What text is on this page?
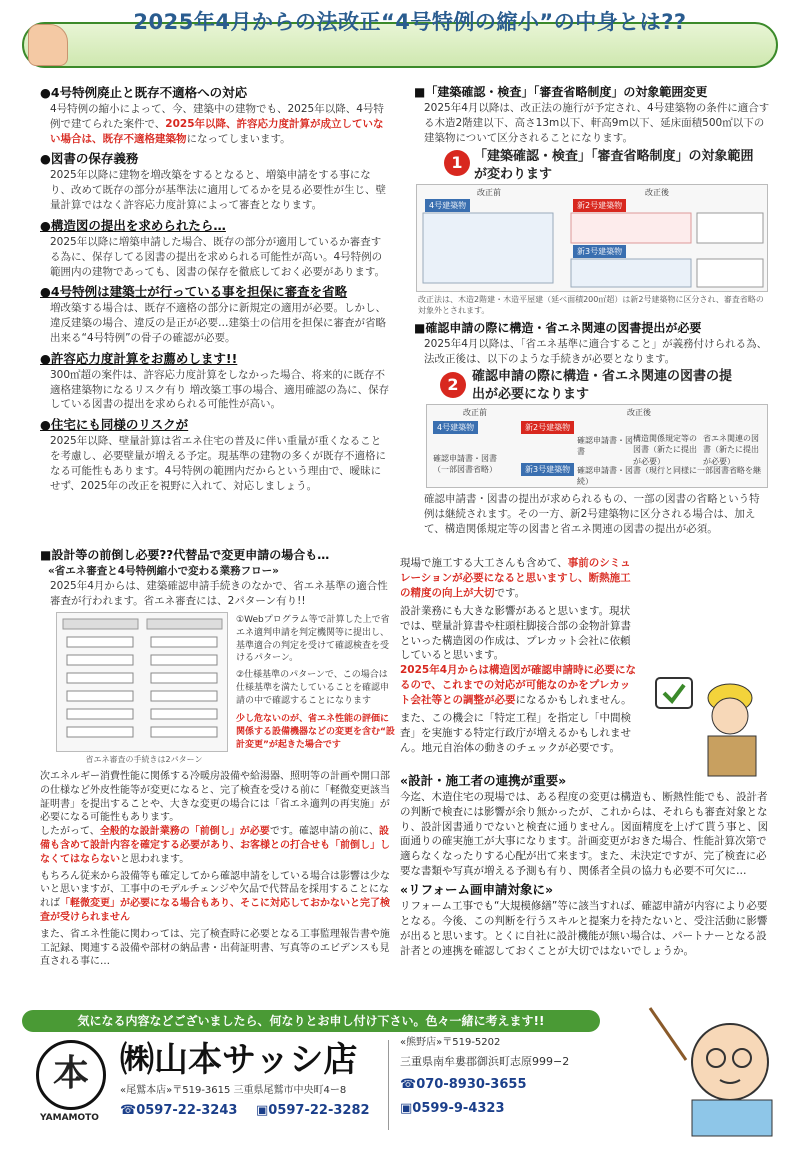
2025年4月からの法改正“4号特例の縮小”の中身とは??
●4号特例廃止と既存不適格への対応
4号特例の縮小によって、今、建築中の建物でも、2025年以降、4号特例で建てられた案件で、2025年以降、許容応力度計算が成立していない場合は、既存不適格建築物になってしまいます。
●図書の保存義務
2025年以降に建物を増改築をするとなると、増築申請をする事になり、改めて既存の部分が基準法に適用してるかを見る必要性が生じ、壁量計算ではなく許容応力度計算によって審査となります。
●構造図の提出を求められたら…
2025年以降に増築申請した場合、既存の部分が適用しているか審査する為に、保存してる図書の提出を求められる可能性が高い。4号特例の範囲内の建物であっても、図書の保存を徹底しておく必要があります。
●4号特例は建築士が行っている事を担保に審査を省略
増改築する場合は、既存不適格の部分に新規定の適用が必要。しかし、違反建築の場合、違反の是正が必要…建築士の信用を担保に審査が省略出来る“4号特例”の骨子の確認が必要。
●許容応力度計算をお薦めします!!
300㎡超の案件は、許容応力度計算をしなかった場合、将来的に既存不適格建築物になるリスク有り 増改築工事の場合、適用確認の為に、保存している図書の提出を求められる可能性が高い。
●住宅にも同様のリスクが
2025年以降、壁量計算は省エネ住宅の普及に伴い重量が重くなることを考慮し、必要壁量が増える予定。現基準の建物の多くが既存不適格になる可能性もあります。4号特例の範囲内だからという理由で、曖昧にせず、2025年の改正を視野に入れて、対応しましょう。
■設計等の前倒し必要??代替品で変更申請の場合も…
«省エネ審査と4号特例縮小で変わる業務フロー»
2025年4月からは、建築確認申請手続きのなかで、省エネ基準の適合性審査が行われます。省エネ審査には、2パターン有り!!
省エネ審査の手続きは2パターン
①Webプログラム等で計算した上で省エネ適判申請を判定機関等に提出し、基準適合の判定を受けて確認検査を受けるパターン。
②仕様基準のパターンで、この場合は仕様基準を満たしていることを確認申請の中で確認することになります
少し危ないのが、省エネ性能の評価に関係する設備機器などの変更を含む“設計変更”が起きた場合です
■「建築確認・検査」「審査省略制度」の対象範囲変更
2025年4月以降は、改正法の施行が予定され、4号建築物の条件に適合する木造2階建以下、高さ13m以下、軒高9m以下、延床面積500㎡以下の建築物について区分されることになります。
1 「建築確認・検査」「審査省略制度」の対象範囲が変わります
改正前	改正後
4号建築物	新2号建築物
新3号建築物
改正法は、木造2階建・木造平屋建（延べ面積200㎡超）は新2号建築物に区分され、審査省略の対象外とされます。
■確認申請の際に構造・省エネ関連の図書提出が必要
2025年4月以降は、「省エネ基準に適合すること」が義務付けられる為、法改正後は、以下のような手続きが必要となります。
2	確認申請の際に構造・省エネ関連の図書の提出が必要になります
改正前	改正後
4号建築物	新2号建築物
新3号建築物
確認申請書・図書（一部図書省略）
確認申請書・図書
構造関係規定等の図書（新たに提出が必要）
省エネ関連の図書（新たに提出が必要）
確認申請書・図書（現行と同様に一部図書省略を継続）
確認申請書・図書の提出が求められるもの、一部の図書の省略という特例は継続されます。その一方、新2号建築物に区分される場合は、加えて、構造関係規定等の図書と省エネ関連の図書の提出が必須。
現場で施工する大工さんも含めて、事前のシミュレーションが必要になると思いますし、断熱施工の精度の向上が大切です。
設計業務にも大きな影響があると思います。現状では、壁量計算書や柱頭柱脚接合部の金物計算書といった構造図の作成は、プレカット会社に依頼していると思います。
2025年4月からは構造図が確認申請時に必要になるので、これまでの対応が可能なのかをプレカット会社等との調整が必要になるかもしれません。
また、この機会に「特定工程」を指定し「中間検査」を実施する特定行政庁が増えるかもしれません。地元自治体の動きのチェックが必要です。
«設計・施工者の連携が重要»
今迄、木造住宅の現場では、ある程度の変更は構造も、断熱性能でも、設計者の判断で検査には影響が余り無かったが、これからは、それらも審査対象となり、設計図書通りでないと検査に通りません。図面精度を上げて貰う事と、図面通りの確実施工が大事になります。計画変更がおきた場合、性能計算次第で適らなくなったりする心配が出て来ます。また、未決定ですが、完了検査に必要な書類や写真が増える予測も有り、関係者全員の協力も必要不可欠に…
«リフォーム画申請対象に»
リフォーム工事でも“大規模修繕”等に該当すれば、確認申請が内容により必要となる。今後、この判断を行うスキルと提案力を持たないと、受注活動に影響が出ると思います。とくに自社に設計機能が無い場合は、パートナーとなる設計者との連携を確認しておくことが大切ではないでしょうか。
次エネルギー消費性能に関係する冷暖房設備や給湯器、照明等の計画や開口部の仕様など外皮性能等が変更になると、完了検査を受ける前に「軽微変更該当証明書」を提出することや、大きな変更の場合には「省エネ適判の再実施」が必要になる可能性もあります。
したがって、全般的な設計業務の「前倒し」が必要です。確認申請の前に、設備も含めて設計内容を確定する必要があり、お客様との打合せも「前倒し」しなくてはならないと思われます。
もちろん従来から設備等も確定してから確認申請をしている場合は影響は少ないと思いますが、工事中のモデルチェンジや欠品で代替品を採用することになれば「軽微変更」が必要になる場合もあり、そこに対応しておかないと完了検査が受けられません
また、省エネ性能に関わっては、完了検査時に必要となる工事監理報告書や施工記録、関連する設備や部材の納品書・出荷証明書、写真等のエビデンスも見直される事に…
気になる内容などございましたら、何なりとお申し付け下さい。色々一緒に考えます!!
本
YAMAMOTO
㈱山本サッシ店
«尾鷲本店»〒519-3615 三重県尾鷲市中央町4ー8
☎0597-22-3243 ▣0597-22-3282
«熊野店»〒519-5202
三重県南牟婁郡御浜町志原999−2
☎070-8930-3655
▣0599-9-4323
